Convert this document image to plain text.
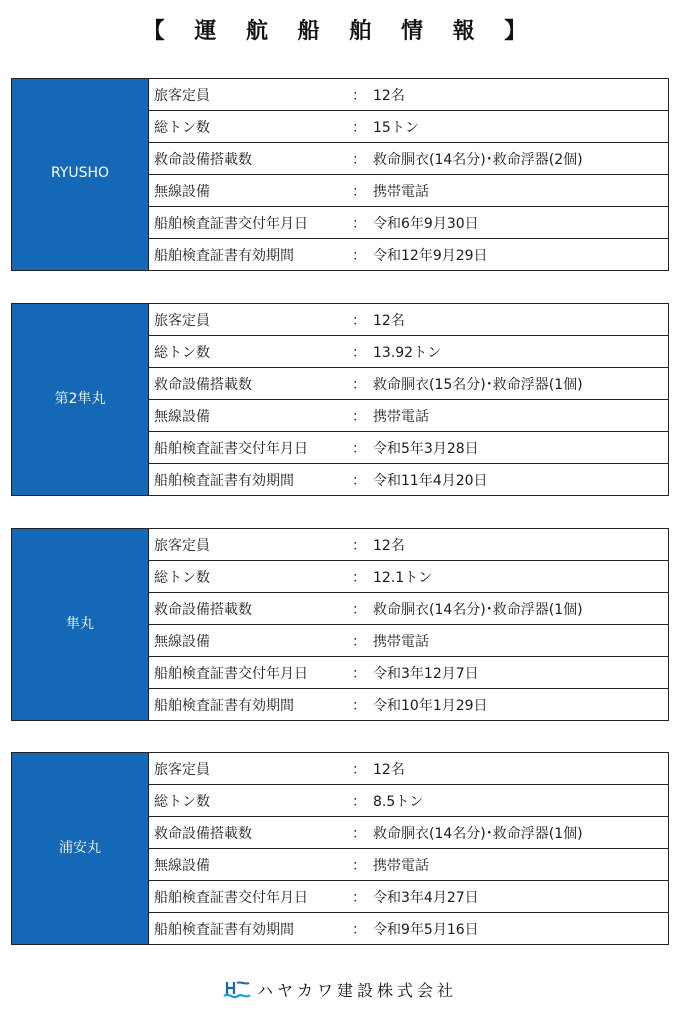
【 運 航 船 舶 情 報 】
RYUSHO	旅客定員	： 12名
総トン数	： 15トン
救命設備搭載数	： 救命胴衣(14名分)･救命浮器(2個)
無線設備	： 携帯電話
船舶検査証書交付年月日	： 令和6年9月30日
船舶検査証書有効期間	： 令和12年9月29日
第2隼丸	旅客定員	： 12名
総トン数	： 13.92トン
救命設備搭載数	： 救命胴衣(15名分)･救命浮器(1個)
無線設備	： 携帯電話
船舶検査証書交付年月日	： 令和5年3月28日
船舶検査証書有効期間	： 令和11年4月20日
隼丸	旅客定員	： 12名
総トン数	： 12.1トン
救命設備搭載数	： 救命胴衣(14名分)･救命浮器(1個)
無線設備	： 携帯電話
船舶検査証書交付年月日	： 令和3年12月7日
船舶検査証書有効期間	： 令和10年1月29日
浦安丸	旅客定員	： 12名
総トン数	： 8.5トン
救命設備搭載数	： 救命胴衣(14名分)･救命浮器(1個)
無線設備	： 携帯電話
船舶検査証書交付年月日	： 令和3年4月27日
船舶検査証書有効期間	： 令和9年5月16日
ハヤカワ建設株式会社
